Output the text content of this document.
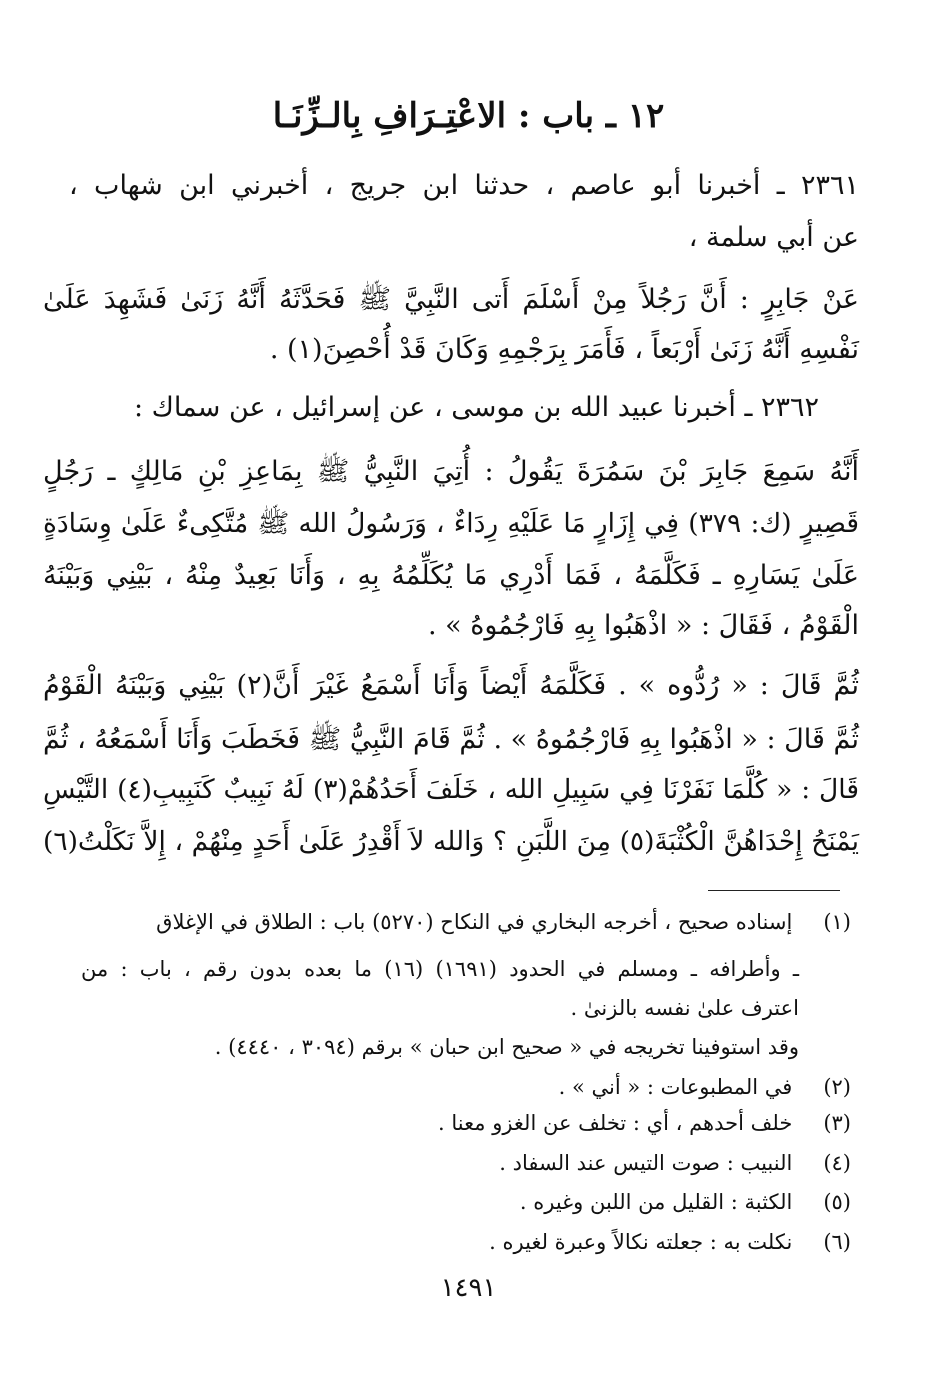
١٢ ـ باب : الاعْتِـرَافِ بِالـزِّنَـا
٢٣٦١ ـ أخبرنا أبو عاصم ، حدثنا ابن جريج ، أخبرني ابن شهاب ،
عن أبي سلمة ،
عَنْ جَابِرٍ : أَنَّ رَجُلاً مِنْ أَسْلَمَ أَتى النَّبِيَّ ﷺ فَحَدَّثَهُ أَنَّهُ زَنَىٰ فَشَهِدَ عَلَىٰ
نَفْسِهِ أَنَّهُ زَنَىٰ أَرْبَعاً ، فَأَمَرَ بِرَجْمِهِ وَكَانَ قَدْ أُحْصِنَ(١) .
٢٣٦٢ ـ أخبرنا عبيد الله بن موسى ، عن إسرائيل ، عن سماك :
أَنَّهُ سَمِعَ جَابِرَ بْنَ سَمُرَةَ يَقُولُ : أُتِيَ النَّبِيُّ ﷺ بِمَاعِزِ بْنِ مَالِكٍ ـ رَجُلٍ
قَصِيرٍ (ك: ٣٧٩) فِي إِزَارٍ مَا عَلَيْهِ رِدَاءٌ ، وَرَسُولُ الله ﷺ مُتَّكِىءٌ عَلَىٰ وِسَادَةٍ
عَلَىٰ يَسَارِهِ ـ فَكَلَّمَهُ ، فَمَا أَدْرِي مَا يُكَلِّمُهُ بِهِ ، وَأَنَا بَعِيدٌ مِنْهُ ، بَيْنِي وَبَيْنَهُ
الْقَوْمُ ، فَقَالَ : « اذْهَبُوا بِهِ فَارْجُمُوهُ » .
ثُمَّ قَالَ : « رُدُّوه » . فَكَلَّمَهُ أَيْضاً وَأَنَا أَسْمَعُ غَيْرَ أَنَّ(٢) بَيْنِي وَبَيْنَهُ الْقَوْمُ
ثُمَّ قَالَ : « اذْهَبُوا بِهِ فَارْجُمُوهُ » . ثُمَّ قَامَ النَّبِيُّ ﷺ فَخَطَبَ وَأَنَا أَسْمَعُهُ ، ثُمَّ
قَالَ : « كُلَّمَا نَفَرْنَا فِي سَبِيلِ الله ، خَلَفَ أَحَدُهُمْ(٣) لَهُ نَبِيبٌ كَنَبِيبِ(٤) التَّيْسِ
يَمْنَحُ إِحْدَاهُنَّ الْكُثْبَةَ(٥) مِنَ اللَّبَنِ ؟ وَالله لاَ أَقْدِرُ عَلَىٰ أَحَدٍ مِنْهُمْ ، إِلاَّ نَكَلْتُ(٦)
(١) إسناده صحيح ، أخرجه البخاري في النكاح (٥٢٧٠) باب : الطلاق في الإغلاق
ـ وأطرافه ـ ومسلم في الحدود (١٦٩١) (١٦) ما بعده بدون رقم ، باب : من
اعترف علىٰ نفسه بالزنىٰ .
وقد استوفينا تخريجه في « صحيح ابن حبان » برقم (٣٠٩٤ ، ٤٤٤٠) .
(٢) في المطبوعات : « أني » .
(٣) خلف أحدهم ، أي : تخلف عن الغزو معنا .
(٤) النبيب : صوت التيس عند السفاد .
(٥) الكثبة : القليل من اللبن وغيره .
(٦) نكلت به : جعلته نكالاً وعبرة لغيره .
١٤٩١
